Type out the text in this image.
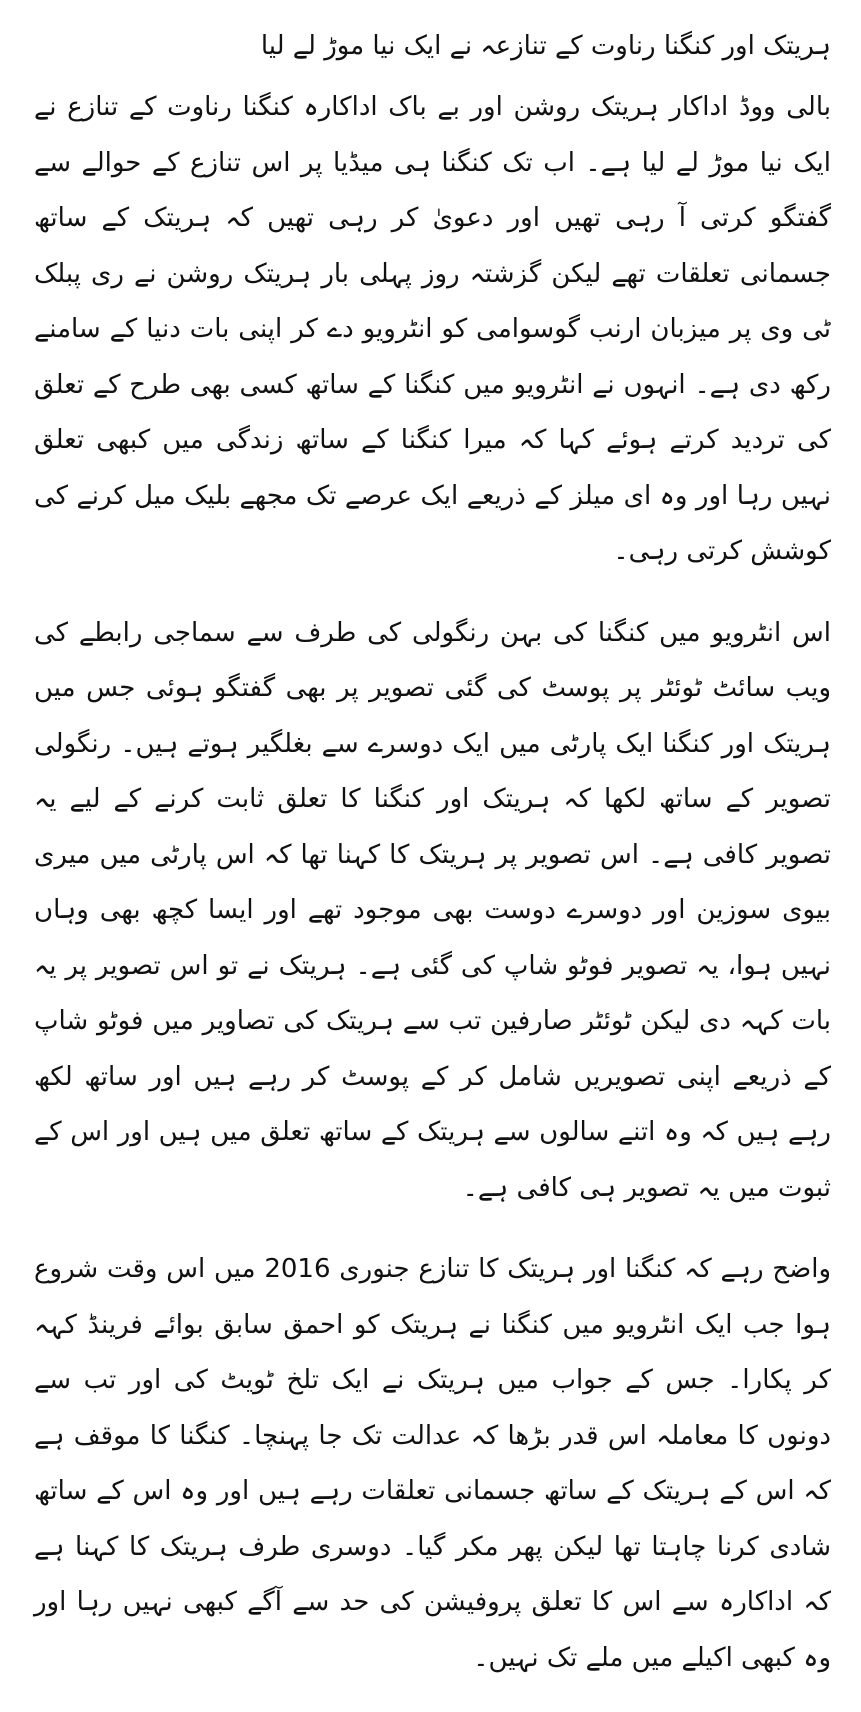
ہریتک اور کنگنا رناوت کے تنازعہ نے ایک نیا موڑ لے لیا

بالی ووڈ اداکار ہریتک روشن اور بے باک اداکارہ کنگنا رناوت کے تنازع نے ایک نیا موڑ لے لیا ہے۔ اب تک کنگنا ہی میڈیا پر اس تنازع کے حوالے سے گفتگو کرتی آ رہی تھیں اور دعویٰ کر رہی تھیں کہ ہریتک کے ساتھ جسمانی تعلقات تھے لیکن گزشتہ روز پہلی بار ہریتک روشن نے ری پبلک ٹی وی پر میزبان ارنب گوسوامی کو انٹرویو دے کر اپنی بات دنیا کے سامنے رکھ دی ہے۔ انہوں نے انٹرویو میں کنگنا کے ساتھ کسی بھی طرح کے تعلق کی تردید کرتے ہوئے کہا کہ میرا کنگنا کے ساتھ زندگی میں کبھی تعلق نہیں رہا اور وہ ای میلز کے ذریعے ایک عرصے تک مجھے بلیک میل کرنے کی کوشش کرتی رہی۔

اس انٹرویو میں کنگنا کی بہن رنگولی کی طرف سے سماجی رابطے کی ویب سائٹ ٹوئٹر پر پوسٹ کی گئی تصویر پر بھی گفتگو ہوئی جس میں ہریتک اور کنگنا ایک پارٹی میں ایک دوسرے سے بغلگیر ہوتے ہیں۔ رنگولی تصویر کے ساتھ لکھا کہ ہریتک اور کنگنا کا تعلق ثابت کرنے کے لیے یہ تصویر کافی ہے۔ اس تصویر پر ہریتک کا کہنا تھا کہ اس پارٹی میں میری بیوی سوزین اور دوسرے دوست بھی موجود تھے اور ایسا کچھ بھی وہاں نہیں ہوا، یہ تصویر فوٹو شاپ کی گئی ہے۔ ہریتک نے تو اس تصویر پر یہ بات کہہ دی لیکن ٹوئٹر صارفین تب سے ہریتک کی تصاویر میں فوٹو شاپ کے ذریعے اپنی تصویریں شامل کر کے پوسٹ کر رہے ہیں اور ساتھ لکھ رہے ہیں کہ وہ اتنے سالوں سے ہریتک کے ساتھ تعلق میں ہیں اور اس کے ثبوت میں یہ تصویر ہی کافی ہے۔

واضح رہے کہ کنگنا اور ہریتک کا تنازع جنوری 2016 میں اس وقت شروع ہوا جب ایک انٹرویو میں کنگنا نے ہریتک کو احمق سابق بوائے فرینڈ کہہ کر پکارا۔ جس کے جواب میں ہریتک نے ایک تلخ ٹویٹ کی اور تب سے دونوں کا معاملہ اس قدر بڑھا کہ عدالت تک جا پہنچا۔ کنگنا کا موقف ہے کہ اس کے ہریتک کے ساتھ جسمانی تعلقات رہے ہیں اور وہ اس کے ساتھ شادی کرنا چاہتا تھا لیکن پھر مکر گیا۔ دوسری طرف ہریتک کا کہنا ہے کہ اداکارہ سے اس کا تعلق پروفیشن کی حد سے آگے کبھی نہیں رہا اور وہ کبھی اکیلے میں ملے تک نہیں۔
